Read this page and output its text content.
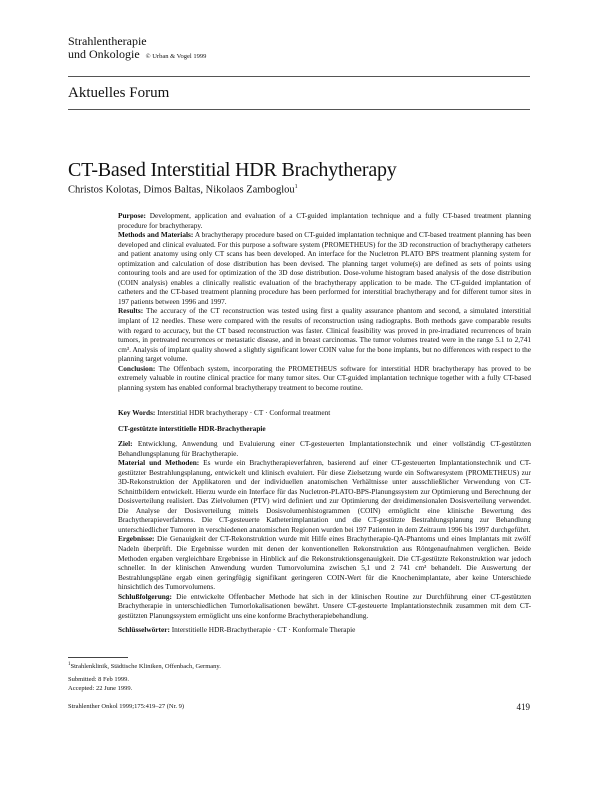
Strahlentherapie
und Onkologie © Urban & Vogel 1999
Aktuelles Forum
CT-Based Interstitial HDR Brachytherapy
Christos Kolotas, Dimos Baltas, Nikolaos Zamboglou$^1$

Purpose: Development, application and evaluation of a CT-guided implantation technique and a fully CT-based treatment planning procedure for brachytherapy.

Methods and Materials: A brachytherapy procedure based on CT-guided implantation technique and CT-based treatment planning has been developed and clinical evaluated. For this purpose a software system (PROMETHEUS) for the 3D reconstruction of brachytherapy catheters and patient anatomy using only CT scans has been developed. An interface for the Nucletron PLATO BPS treatment planning system for optimization and calculation of dose distribution has been devised. The planning target volume(s) are defined as sets of points using contouring tools and are used for optimization of the 3D dose distribution. Dose-volume histogram based analysis of the dose distribution (COIN analysis) enables a clinically realistic evaluation of the brachytherapy application to be made. The CT-guided implantation of catheters and the CT-based treatment planning procedure has been performed for interstitial brachytherapy and for different tumor sites in 197 patients between 1996 and 1997.

Results: The accuracy of the CT reconstruction was tested using first a quality assurance phantom and second, a simulated interstitial implant of 12 needles. These were compared with the results of reconstruction using radiographs. Both methods gave comparable results with regard to accuracy, but the CT based reconstruction was faster. Clinical feasibility was proved in pre-irradiated recurrences of brain tumors, in pretreated recurrences or metastatic disease, and in breast carcinomas. The tumor volumes treated were in the range 5.1 to 2,741 cm³. Analysis of implant quality showed a slightly significant lower COIN value for the bone implants, but no differences with respect to the planning target volume.

Conclusion: The Offenbach system, incorporating the PROMETHEUS software for interstitial HDR brachytherapy has proved to be extremely valuable in routine clinical practice for many tumor sites. Our CT-guided implantation technique together with a fully CT-based planning system has enabled conformal brachytherapy treatment to become routine.

Key Words: Interstitial HDR brachytherapy · CT · Conformal treatment
CT-gestützte interstitielle HDR-Brachytherapie

Ziel: Entwicklung, Anwendung und Evaluierung einer CT-gesteuerten Implantationstechnik und einer vollständig CT-gestützten Behandlungsplanung für Brachytherapie.

Material und Methoden: Es wurde ein Brachytherapieverfahren, basierend auf einer CT-gesteuerten Implantationstechnik und CT-gestützter Bestrahlungsplanung, entwickelt und klinisch evaluiert. Für diese Zielsetzung wurde ein Softwaresystem (PROMETHEUS) zur 3D-Rekonstruktion der Applikatoren und der individuellen anatomischen Verhältnisse unter ausschließlicher Verwendung von CT-Schnittbildern entwickelt. Hierzu wurde ein Interface für das Nucletron-PLATO-BPS-Planungssystem zur Optimierung und Berechnung der Dosisverteilung realisiert. Das Zielvolumen (PTV) wird definiert und zur Optimierung der dreidimensionalen Dosisverteilung verwendet. Die Analyse der Dosisverteilung mittels Dosisvolumenhistogrammen (COIN) ermöglicht eine klinische Bewertung des Brachytherapieverfahrens. Die CT-gesteuerte Katheterimplantation und die CT-gestützte Bestrahlungsplanung zur Behandlung unterschiedlicher Tumoren in verschiedenen anatomischen Regionen wurden bei 197 Patienten in dem Zeitraum 1996 bis 1997 durchgeführt.

Ergebnisse: Die Genauigkeit der CT-Rekonstruktion wurde mit Hilfe eines Brachytherapie-QA-Phantoms und eines Implantats mit zwölf Nadeln überprüft. Die Ergebnisse wurden mit denen der konventionellen Rekonstruktion aus Röntgenaufnahmen verglichen. Beide Methoden ergaben vergleichbare Ergebnisse in Hinblick auf die Rekonstruktionsgenauigkeit. Die CT-gestützte Rekonstruktion war jedoch schneller. In der klinischen Anwendung wurden Tumorvolumina zwischen 5,1 und 2 741 cm³ behandelt. Die Auswertung der Bestrahlungspläne ergab einen geringfügig signifikant geringeren COIN-Wert für die Knochenimplantate, aber keine Unterschiede hinsichtlich des Tumorvolumens.

Schlußfolgerung: Die entwickelte Offenbacher Methode hat sich in der klinischen Routine zur Durchführung einer CT-gestützten Brachytherapie in unterschiedlichen Tumorlokalisationen bewährt. Unsere CT-gesteuerte Implantationstechnik zusammen mit dem CT-gestützten Planungssystem ermöglicht uns eine konforme Brachytherapiebehandlung.

Schlüsselwörter: Interstitielle HDR-Brachytherapie · CT · Konformale Therapie

$^1$Strahlenklinik, Städtische Kliniken, Offenbach, Germany.
Submitted: 8 Feb 1999.
Accepted: 22 June 1999.
Strahlenther Onkol 1999;175:419–27 (Nr. 9)	419
